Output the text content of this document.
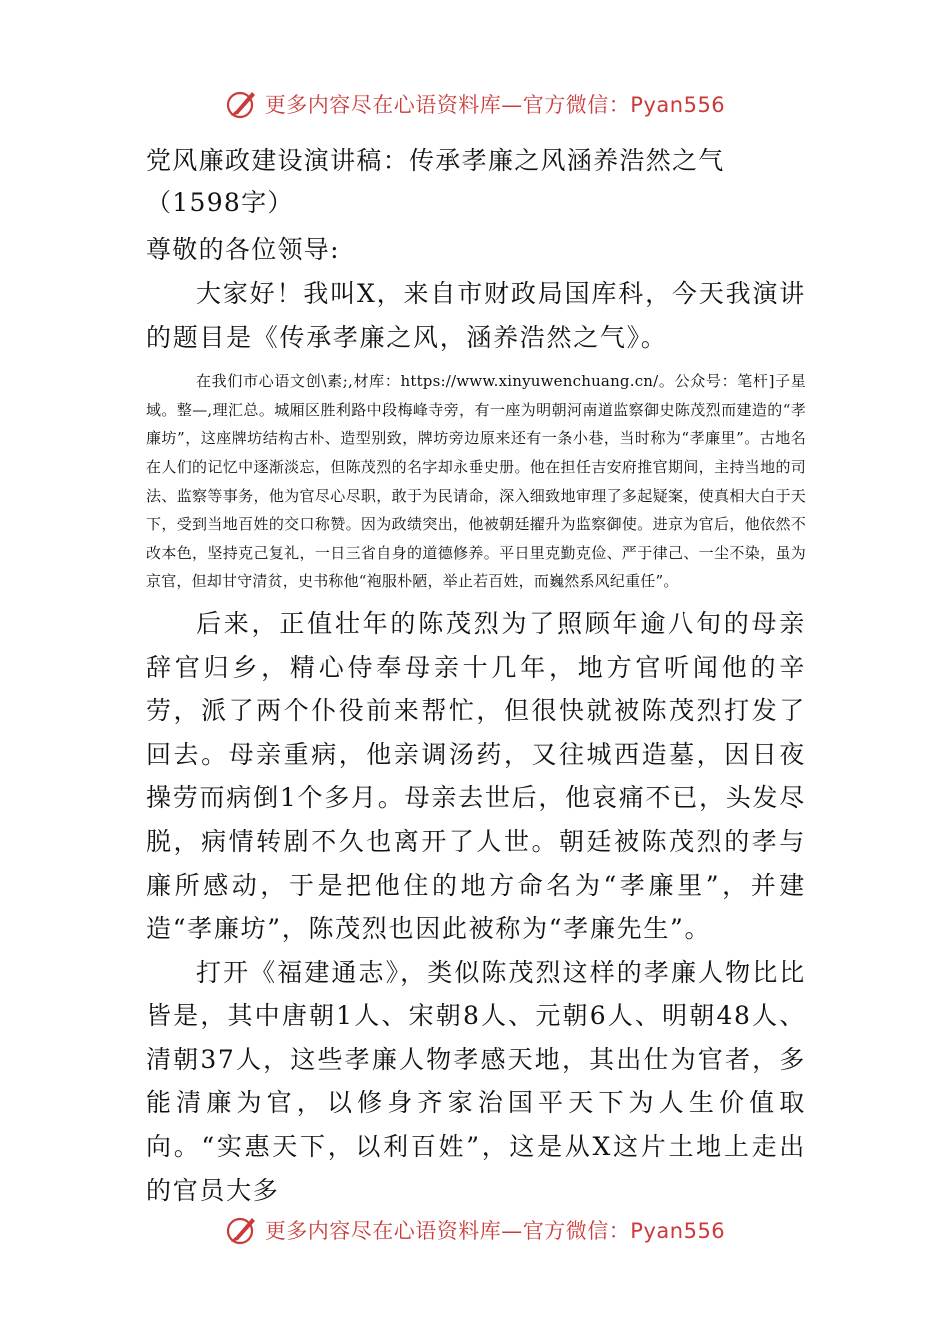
更多内容尽在心语资料库—官方微信：Pyan556

党风廉政建设演讲稿：传承孝廉之风涵养浩然之气（1598字）

尊敬的各位领导:

大家好！我叫X，来自市财政局国库科，今天我演讲的题目是《传承孝廉之风，涵养浩然之气》。

在我们市心语文创\素;,材库：https://www.xinyuwenchuang.cn/。公众号：笔杆]子星域。整—,理汇总。城厢区胜利路中段梅峰寺旁，有一座为明朝河南道监察御史陈茂烈而建造的“孝廉坊”，这座牌坊结构古朴、造型别致，牌坊旁边原来还有一条小巷，当时称为“孝廉里”。古地名在人们的记忆中逐渐淡忘，但陈茂烈的名字却永垂史册。他在担任吉安府推官期间，主持当地的司法、监察等事务，他为官尽心尽职，敢于为民请命，深入细致地审理了多起疑案，使真相大白于天下，受到当地百姓的交口称赞。因为政绩突出，他被朝廷擢升为监察御使。进京为官后，他依然不改本色，坚持克己复礼，一日三省自身的道德修养。平日里克勤克俭、严于律己、一尘不染，虽为京官，但却甘守清贫，史书称他“袍服朴陋，举止若百姓，而巍然系风纪重任”。

后来，正值壮年的陈茂烈为了照顾年逾八旬的母亲辞官归乡，精心侍奉母亲十几年，地方官听闻他的辛劳，派了两个仆役前来帮忙，但很快就被陈茂烈打发了回去。母亲重病，他亲调汤药，又往城西造墓，因日夜操劳而病倒1个多月。母亲去世后，他哀痛不已，头发尽脱，病情转剧不久也离开了人世。朝廷被陈茂烈的孝与廉所感动，于是把他住的地方命名为“孝廉里”，并建造“孝廉坊”，陈茂烈也因此被称为“孝廉先生”。

打开《福建通志》，类似陈茂烈这样的孝廉人物比比皆是，其中唐朝1人、宋朝8人、元朝6人、明朝48人、清朝37人，这些孝廉人物孝感天地，其出仕为官者，多能清廉为官，以修身齐家治国平天下为人生价值取向。“实惠天下，以利百姓”，这是从X这片土地上走出的官员大多

更多内容尽在心语资料库—官方微信：Pyan556
